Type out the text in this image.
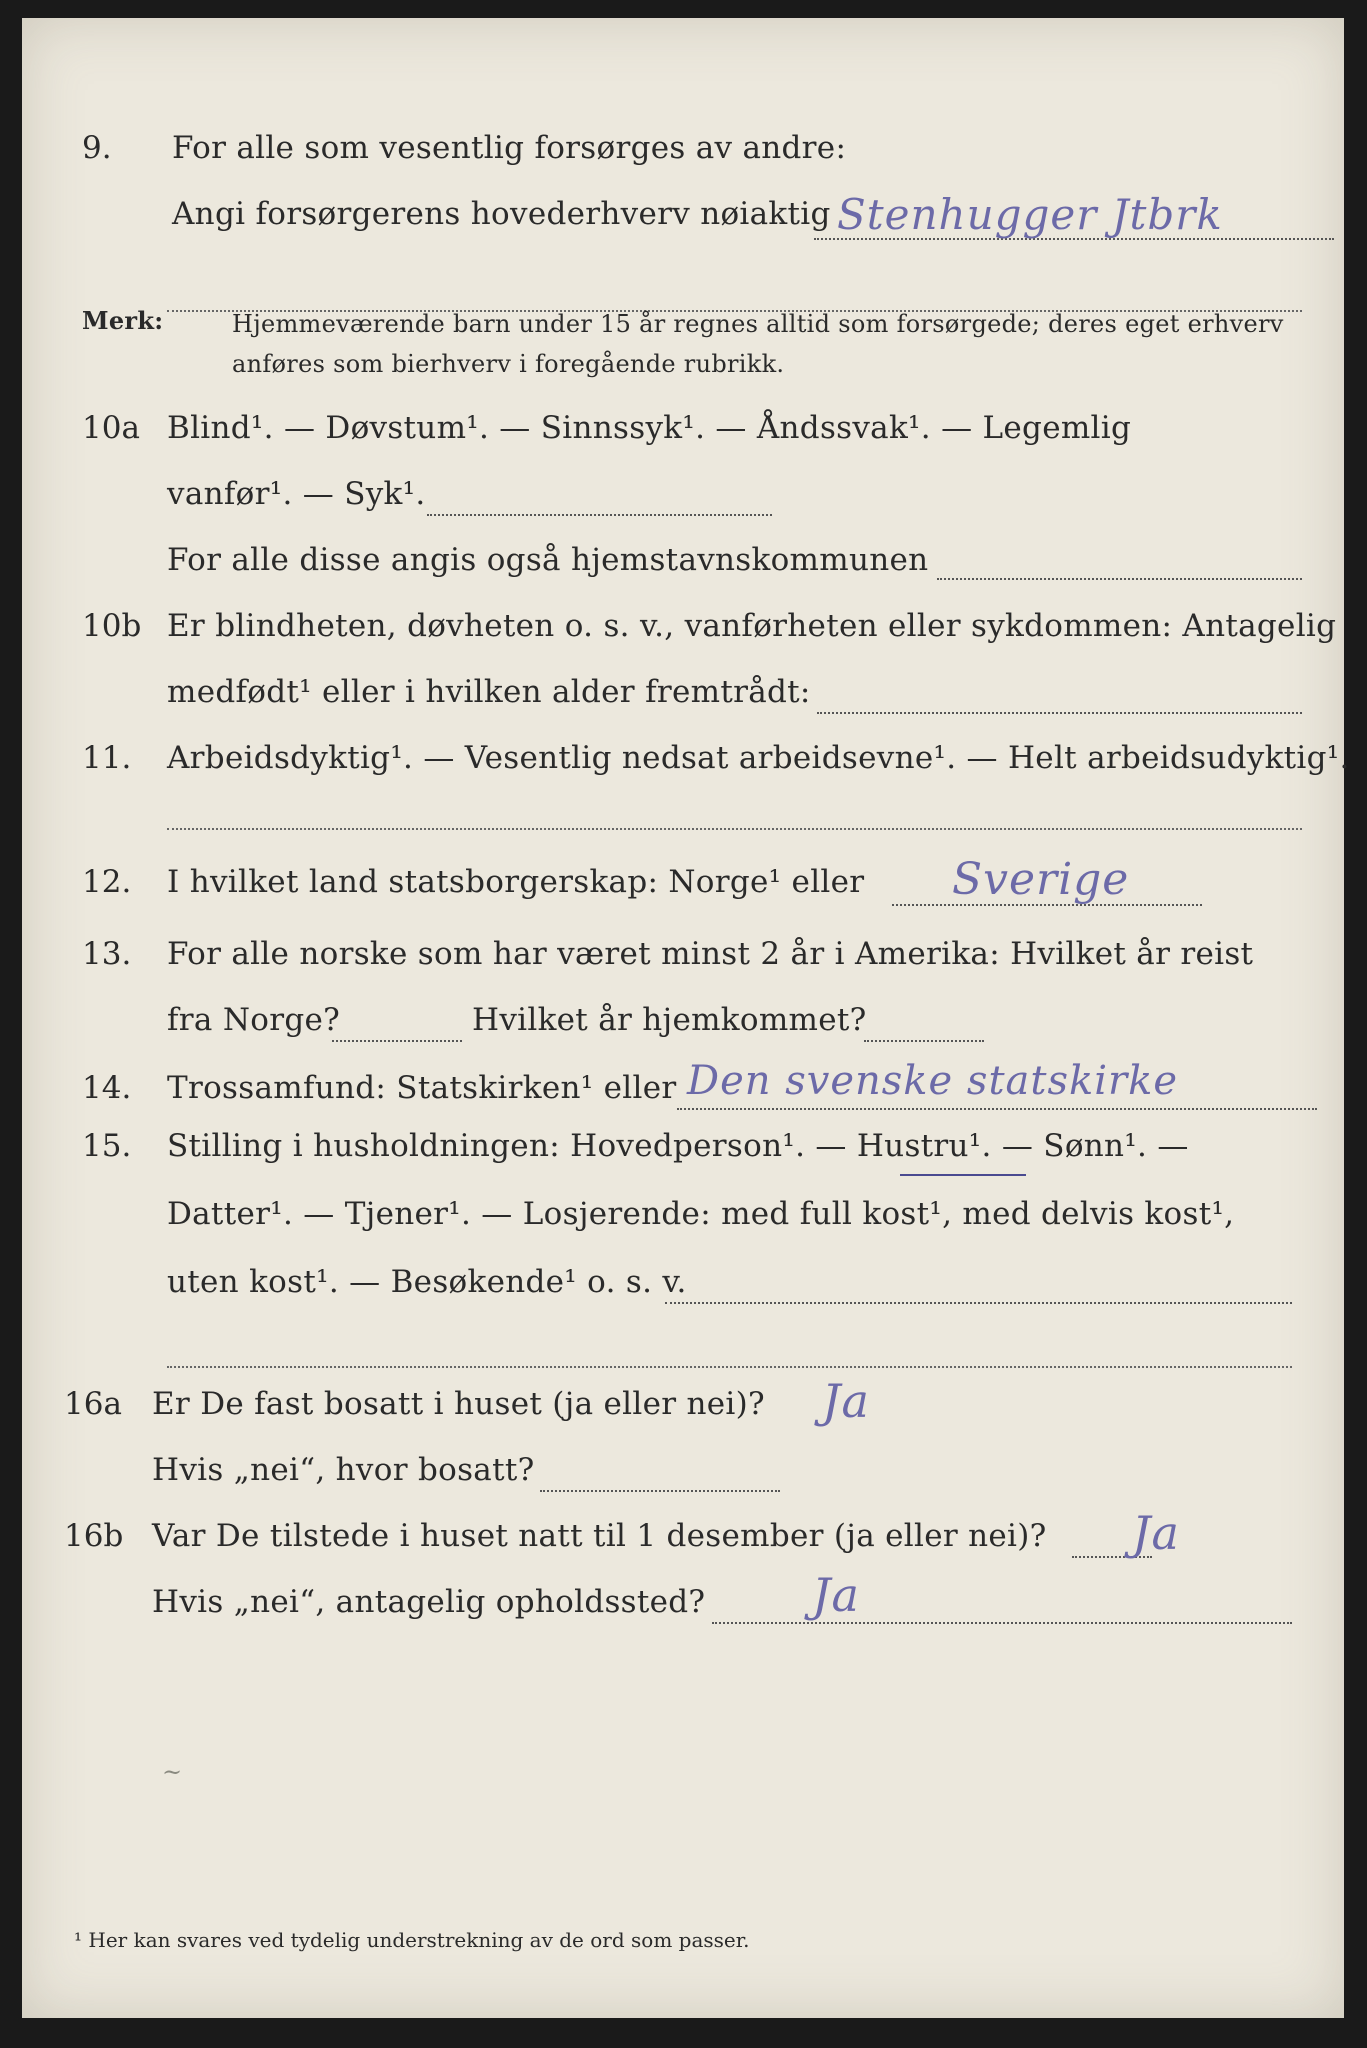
9. For alle som vesentlig forsørges av andre:
Angi forsørgerens hovederhverv nøiaktig Stenhugger Jtbrk
Merk:	Hjemmeværende barn under 15 år regnes alltid som forsørgede; deres eget erhverv
anføres som bierhverv i foregående rubrikk.
10a Blind¹. — Døvstum¹. — Sinnssyk¹. — Åndssvak¹. — Legemlig
vanfør¹. — Syk¹.
For alle disse angis også hjemstavnskommunen
10b Er blindheten, døvheten o. s. v., vanførheten eller sykdommen: Antagelig
medfødt¹ eller i hvilken alder fremtrådt:
11. Arbeidsdyktig¹. — Vesentlig nedsat arbeidsevne¹. — Helt arbeidsudyktig¹.
12. I hvilket land statsborgerskap: Norge¹ eller Sverige
13. For alle norske som har været minst 2 år i Amerika: Hvilket år reist
fra Norge?	Hvilket år hjemkommet?
14. Trossamfund: Statskirken¹ eller Den svenske statskirke
15. Stilling i husholdningen: Hovedperson¹. — Hustru¹. — Sønn¹. —
Datter¹. — Tjener¹. — Losjerende: med full kost¹, med delvis kost¹,
uten kost¹. — Besøkende¹ o. s. v.
16a Er De fast bosatt i huset (ja eller nei)? Ja
Hvis „nei“, hvor bosatt?
16b Var De tilstede i huset natt til 1 desember (ja eller nei)? Ja
Hvis „nei“, antagelig opholdssted? Ja
~
¹ Her kan svares ved tydelig understrekning av de ord som passer.
